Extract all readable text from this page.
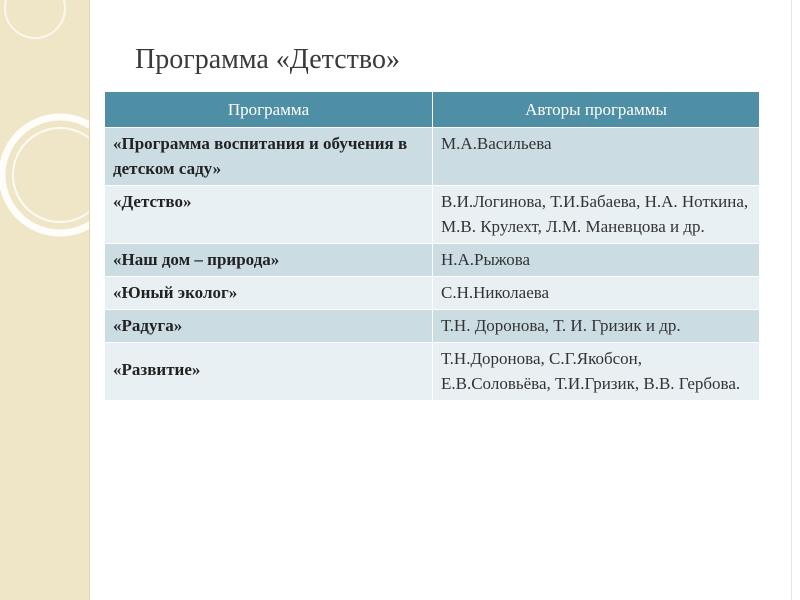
Программа «Детство»
Программа	Авторы программы
«Программа воспитания и обучения в детском саду»	М.А.Васильева
«Детство»	В.И.Логинова, Т.И.Бабаева, Н.А. Ноткина, М.В. Крулехт, Л.М. Маневцова и др.
«Наш дом – природа»	Н.А.Рыжова
«Юный эколог»	С.Н.Николаева
«Радуга»	Т.Н. Доронова, Т. И. Гризик и др.
«Развитие»	Т.Н.Доронова, С.Г.Якобсон, Е.В.Соловьёва, Т.И.Гризик, В.В. Гербова.
